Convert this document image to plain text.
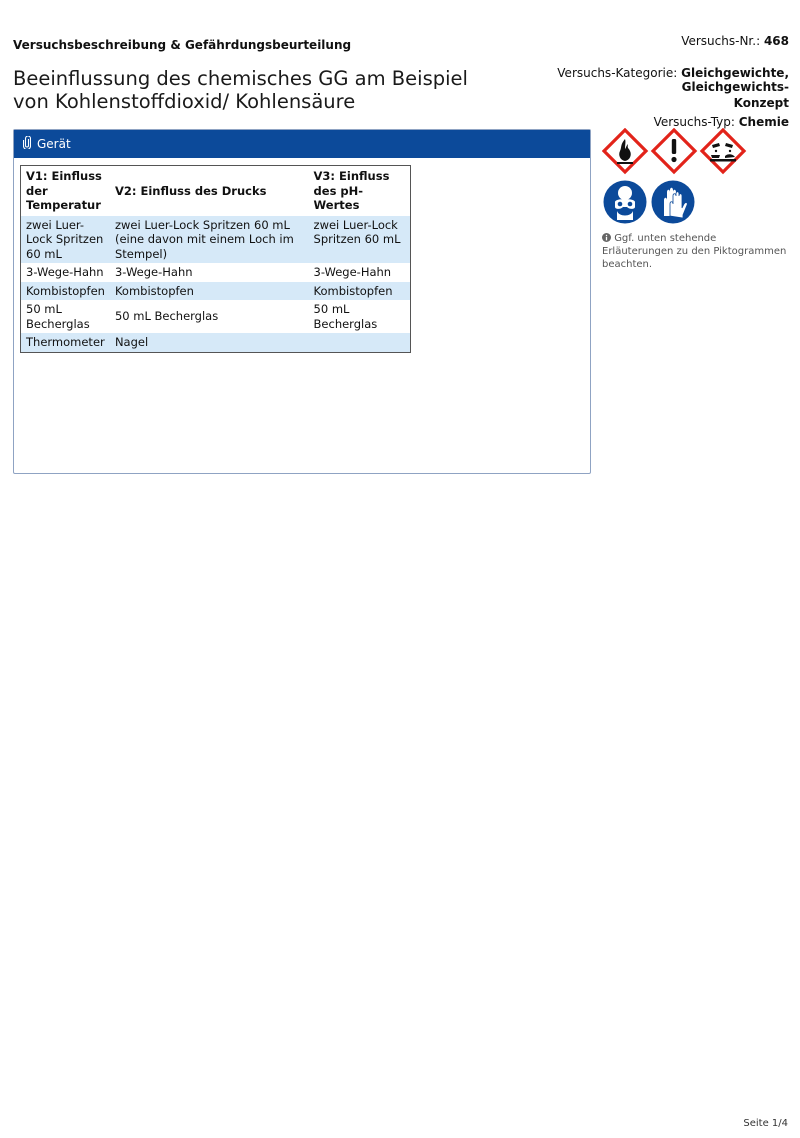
Versuchsbeschreibung & Gefährdungsbeurteilung	Versuchs-Nr.: 468
Beeinflussung des chemisches GG am Beispiel
von Kohlenstoffdioxid/ Kohlensäure
Versuchs-Kategorie: Gleichgewichte, Gleichgewichts-
Konzept
Versuchs-Typ: Chemie
Gerät
V1: Einfluss der Temperatur	V2: Einfluss des Drucks	V3: Einfluss des pH-Wertes
zwei Luer-Lock Spritzen 60 mL	zwei Luer-Lock Spritzen 60 mL (eine davon mit einem Loch im Stempel)	zwei Luer-Lock Spritzen 60 mL
3-Wege-Hahn	3-Wege-Hahn	3-Wege-Hahn
Kombistopfen	Kombistopfen	Kombistopfen
50 mL Becherglas	50 mL Becherglas	50 mL Becherglas
Thermometer	Nagel	
Ggf. unten stehende Erläuterungen zu den Piktogrammen beachten.
Seite 1/4
